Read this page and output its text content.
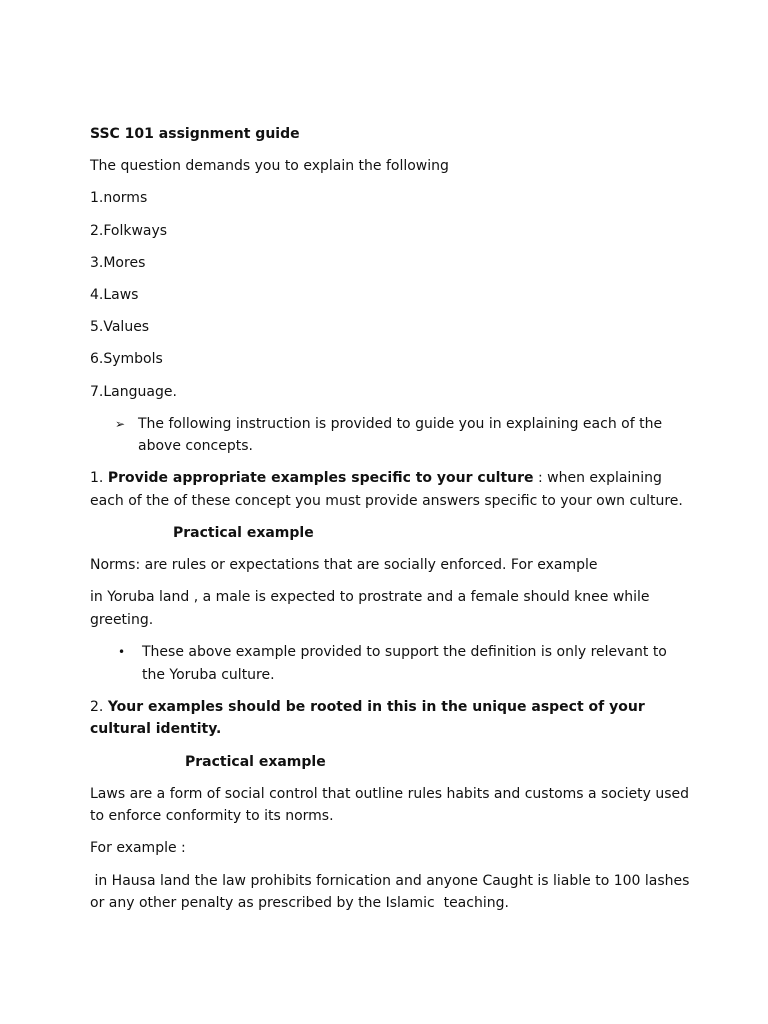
SSC 101 assignment guide

The question demands you to explain the following

1.norms

2.Folkways

3.Mores

4.Laws

5.Values

6.Symbols

7.Language.

➢ The following instruction is provided to guide you in explaining each of the above concepts.

1. Provide appropriate examples specific to your culture : when explaining each of the of these concept you must provide answers specific to your own culture.

Practical example

Norms: are rules or expectations that are socially enforced. For example

in Yoruba land , a male is expected to prostrate and a female should knee while greeting.

• These above example provided to support the definition is only relevant to the Yoruba culture.

2. Your examples should be rooted in this in the unique aspect of your cultural identity.

Practical example

Laws are a form of social control that outline rules habits and customs a society used to enforce conformity to its norms.

For example :

in Hausa land the law prohibits fornication and anyone Caught is liable to 100 lashes or any other penalty as prescribed by the Islamic  teaching.
